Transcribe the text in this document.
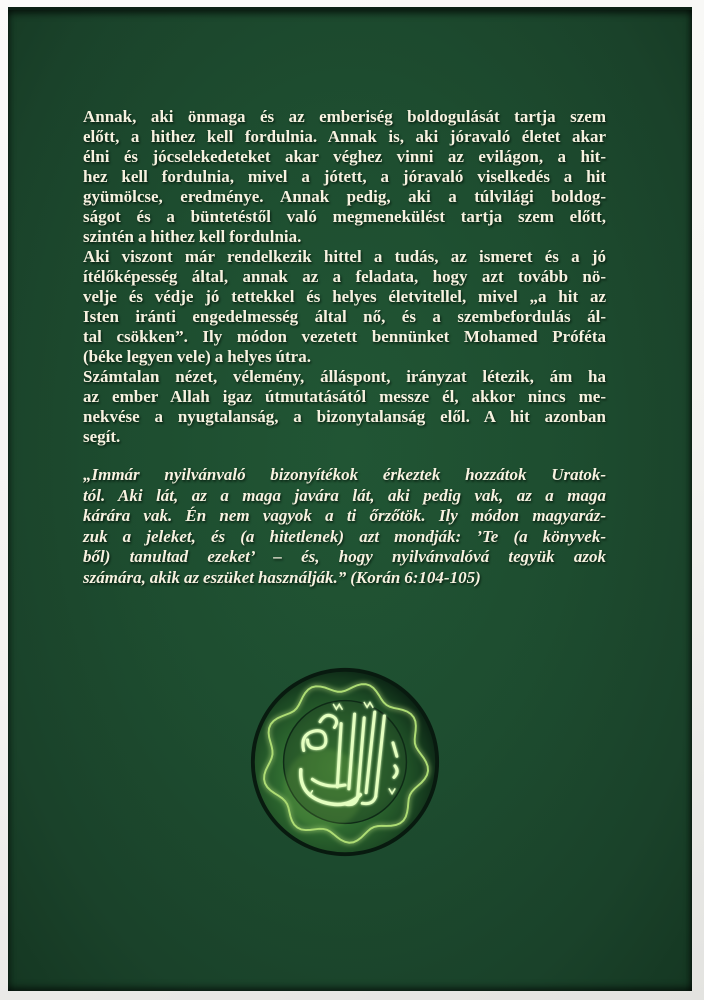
Annak, aki önmaga és az emberiség boldogulását tartja szem
előtt, a hithez kell fordulnia. Annak is, aki jóravaló életet akar
élni és jócselekedeteket akar véghez vinni az evilágon, a hit-
hez kell fordulnia, mivel a jótett, a jóravaló viselkedés a hit
gyümölcse, eredménye. Annak pedig, aki a túlvilági boldog-
ságot és a büntetéstől való megmenekülést tartja szem előtt,
szintén a hithez kell fordulnia.
Aki viszont már rendelkezik hittel a tudás, az ismeret és a jó
ítélőképesség által, annak az a feladata, hogy azt tovább nö-
velje és védje jó tettekkel és helyes életvitellel, mivel „a hit az
Isten iránti engedelmesség által nő, és a szembefordulás ál-
tal csökken”. Ily módon vezetett bennünket Mohamed Próféta
(béke legyen vele) a helyes útra.
Számtalan nézet, vélemény, álláspont, irányzat létezik, ám ha
az ember Allah igaz útmutatásától messze él, akkor nincs me-
nekvése a nyugtalanság, a bizonytalanság elől. A hit azonban
segít.
„Immár nyilvánvaló bizonyítékok érkeztek hozzátok Uratok-
tól. Aki lát, az a maga javára lát, aki pedig vak, az a maga
kárára vak. Én nem vagyok a ti őrzőtök. Ily módon magyaráz-
zuk a jeleket, és (a hitetlenek) azt mondják: ’Te (a könyvek-
ből) tanultad ezeket’ – és, hogy nyilvánvalóvá tegyük azok
számára, akik az eszüket használják.” (Korán 6:104-105)
